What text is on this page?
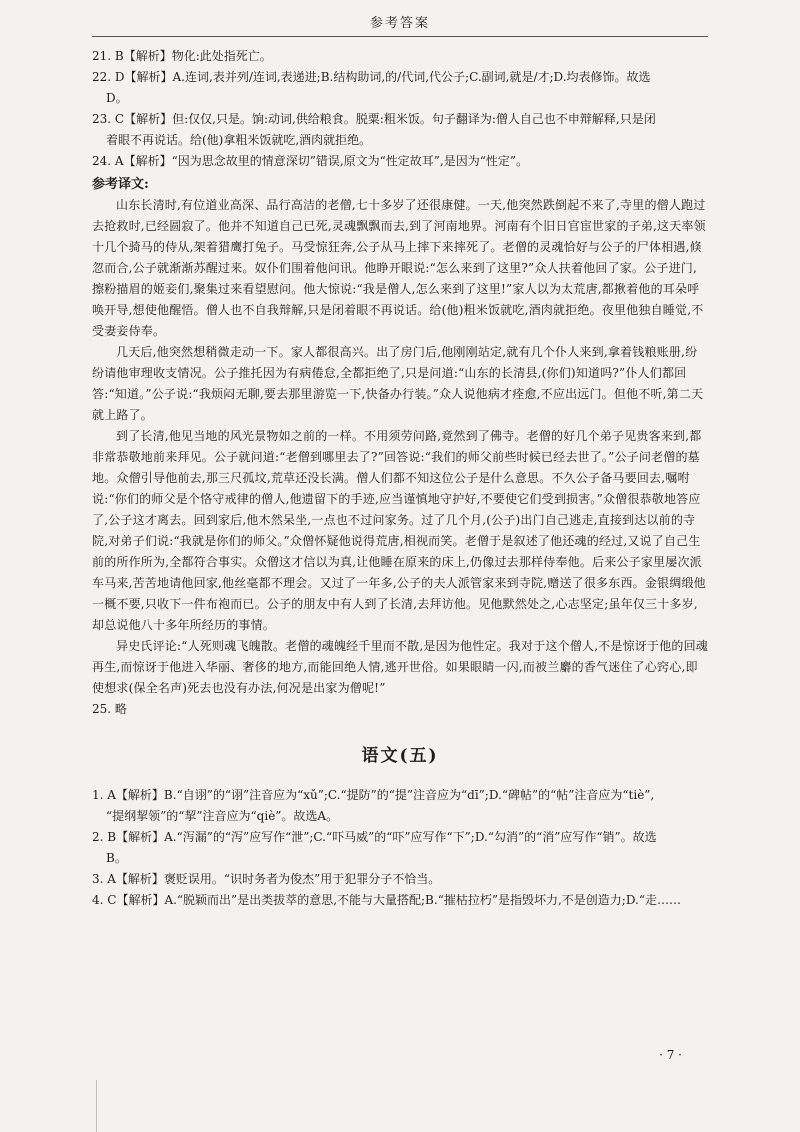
参考答案
21. B【解析】物化:此处指死亡。
22. D【解析】A.连词,表并列/连词,表递进;B.结构助词,的/代词,代公子;C.副词,就是/才;D.均表修饰。故选
D。
23. C【解析】但:仅仅,只是。饷:动词,供给粮食。脱粟:粗米饭。句子翻译为:僧人自己也不申辩解释,只是闭
着眼不再说话。给(他)拿粗米饭就吃,酒肉就拒绝。
24. A【解析】“因为思念故里的情意深切”错误,原文为“性定故耳”,是因为“性定”。
参考译文:

山东长清时,有位道业高深、品行高洁的老僧,七十多岁了还很康健。一天,他突然跌倒起不来了,寺里的僧人跑过去抢救时,已经圆寂了。他并不知道自己已死,灵魂飘飘而去,到了河南地界。河南有个旧日官宦世家的子弟,这天率领十几个骑马的侍从,架着猎鹰打兔子。马受惊狂奔,公子从马上摔下来摔死了。老僧的灵魂恰好与公子的尸体相遇,倏忽而合,公子就渐渐苏醒过来。奴仆们围着他问讯。他睁开眼说:“怎么来到了这里?”众人扶着他回了家。公子进门,擦粉描眉的姬妾们,聚集过来看望慰问。他大惊说:“我是僧人,怎么来到了这里!”家人以为太荒唐,都揪着他的耳朵呼唤开导,想使他醒悟。僧人也不自我辩解,只是闭着眼不再说话。给(他)粗米饭就吃,酒肉就拒绝。夜里他独自睡觉,不受妻妾侍奉。

几天后,他突然想稍微走动一下。家人都很高兴。出了房门后,他刚刚站定,就有几个仆人来到,拿着钱粮账册,纷纷请他审理收支情况。公子推托因为有病倦怠,全都拒绝了,只是问道:“山东的长清县,(你们)知道吗?”仆人们都回答:“知道。”公子说:“我烦闷无聊,要去那里游览一下,快备办行装。”众人说他病才痊愈,不应出远门。但他不听,第二天就上路了。

到了长清,他见当地的风光景物如之前的一样。不用须劳问路,竟然到了佛寺。老僧的好几个弟子见贵客来到,都非常恭敬地前来拜见。公子就问道:“老僧到哪里去了?”回答说:“我们的师父前些时候已经去世了。”公子问老僧的墓地。众僧引导他前去,那三尺孤坟,荒草还没长满。僧人们都不知这位公子是什么意思。不久公子备马要回去,嘱咐说:“你们的师父是个恪守戒律的僧人,他遗留下的手迹,应当谨慎地守护好,不要使它们受到损害。”众僧很恭敬地答应了,公子这才离去。回到家后,他木然呆坐,一点也不过问家务。过了几个月,(公子)出门自己逃走,直接到达以前的寺院,对弟子们说:“我就是你们的师父。”众僧怀疑他说得荒唐,相视而笑。老僧于是叙述了他还魂的经过,又说了自己生前的所作所为,全都符合事实。众僧这才信以为真,让他睡在原来的床上,仍像过去那样侍奉他。后来公子家里屡次派车马来,苦苦地请他回家,他丝毫都不理会。又过了一年多,公子的夫人派管家来到寺院,赠送了很多东西。金银绸缎他一概不要,只收下一件布袍而已。公子的朋友中有人到了长清,去拜访他。见他默然处之,心志坚定;虽年仅三十多岁,却总说他八十多年所经历的事情。

异史氏评论:“人死则魂飞魄散。老僧的魂魄经千里而不散,是因为他性定。我对于这个僧人,不是惊讶于他的回魂再生,而惊讶于他进入华丽、奢侈的地方,而能回绝人情,逃开世俗。如果眼睛一闪,而被兰麝的香气迷住了心窍心,即使想求(保全名声)死去也没有办法,何况是出家为僧呢!”

25. 略
语文(五)
1. A【解析】B.“自诩”的“诩”注音应为“xǔ”;C.“提防”的“提”注音应为“dī”;D.“碑帖”的“帖”注音应为“tiè”,
“提纲挈领”的“挈”注音应为“qiè”。故选A。
2. B【解析】A.“泻漏”的“泻”应写作“泄”;C.“吓马威”的“吓”应写作“下”;D.“勾消”的“消”应写作“销”。故选
B。
3. A【解析】褒贬误用。“识时务者为俊杰”用于犯罪分子不恰当。
4. C【解析】A.“脱颖而出”是出类拔萃的意思,不能与大量搭配;B.“摧枯拉朽”是指毁坏力,不是创造力;D.“走……
· 7 ·
